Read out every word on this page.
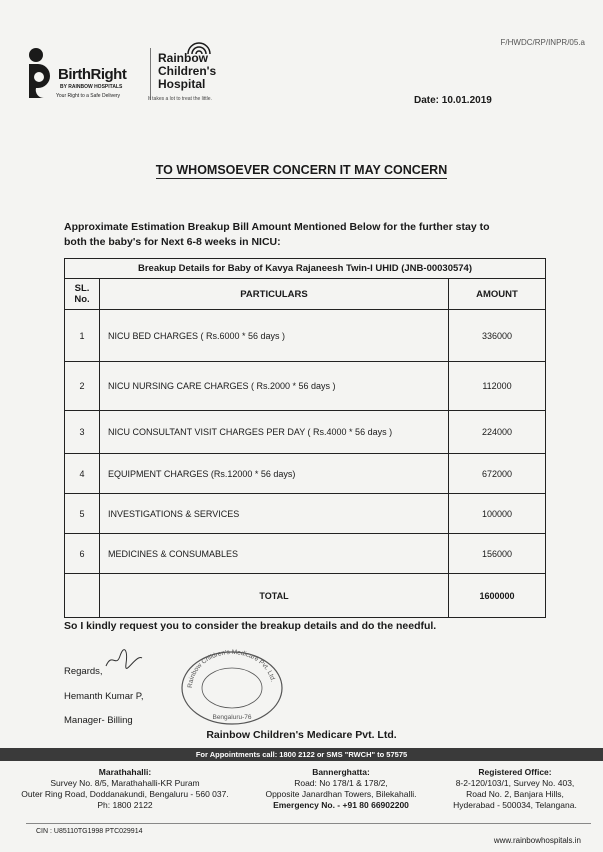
F/HWDC/RP/INPR/05.a
BirthRight
BY RAINBOW HOSPITALS
Your Right to a Safe Delivery
Rainbow
Children's
Hospital
It takes a lot to treat the little.	Date: 10.01.2019
TO WHOMSOEVER CONCERN IT MAY CONCERN
Approximate Estimation Breakup Bill Amount Mentioned Below for the further stay to
both the baby's for Next 6-8 weeks in NICU:
Breakup Details for Baby of Kavya Rajaneesh Twin-I UHID (JNB-00030574)		
SL.
No.	PARTICULARS	AMOUNT
1	NICU BED CHARGES ( Rs.6000 * 56 days )	336000
2	NICU NURSING CARE CHARGES ( Rs.2000 * 56 days )	112000
3	NICU CONSULTANT VISIT CHARGES PER DAY ( Rs.4000 * 56 days )	224000
4	EQUIPMENT CHARGES (Rs.12000 * 56 days)	672000
5	INVESTIGATIONS & SERVICES	100000
6	MEDICINES & CONSUMABLES	156000
	TOTAL	1600000
So I kindly request you to consider the breakup details and do the needful.
Regards,
Hemanth Kumar P,
Manager- Billing
Rainbow Children's Medicare Pvt. Ltd.
Bengaluru-76
Rainbow Children's Medicare Pvt. Ltd.
For Appointments call: 1800 2122 or SMS "RWCH" to 57575
Marathahalli:
Survey No. 8/5, Marathahalli-KR Puram
Outer Ring Road, Doddanakundi, Bengaluru - 560 037.
Ph: 1800 2122
Bannerghatta:
Road: No 178/1 & 178/2,
Opposite Janardhan Towers, Bilekahalli.
Emergency No. - +91 80 66902200
Registered Office:
8-2-120/103/1, Survey No. 403,
Road No. 2, Banjara Hills,
Hyderabad - 500034, Telangana.
CIN : U85110TG1998 PTC029914
www.rainbowhospitals.in
